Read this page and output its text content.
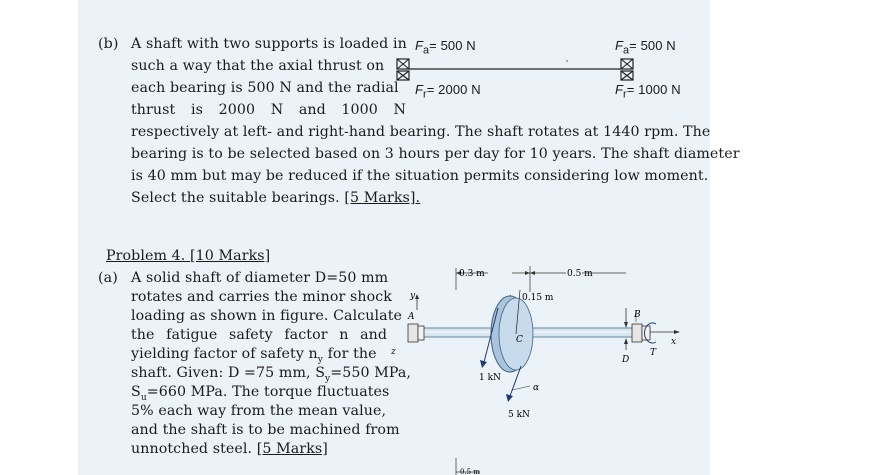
(b) A shaft with two supports is loaded in
such a way that the axial thrust on
each bearing is 500 N and the radial
thrust is 2000 N and 1000 N
respectively at left- and right-hand bearing. The shaft rotates at 1440 rpm. The
bearing is to be selected based on 3 hours per day for 10 years. The shaft diameter
is 40 mm but may be reduced if the situation permits considering low moment.
Select the suitable bearings. [5 Marks].
$F_a= 500$ N	$F_a= 500$ N
$F_r= 2000$ N	$F_r= 1000$ N
Problem 4. [10 Marks]
(a) A solid shaft of diameter D=50 mm
rotates and carries the minor shock
loading as shown in figure. Calculate
the fatigue safety factor n and
yielding factor of safety $n_y$ for the
shaft. Given: D =75 mm, $S_y=550$ MPa,
$S_u=660$ MPa. The torque fluctuates
5% each way from the mean value,
and the shaft is to be machined from
unnotched steel. [5 Marks]
0.3 m	0.5 m
0.15 m
y
A
z
C
1 kN
5 kN
α
D
B
T
x
0.5 m
